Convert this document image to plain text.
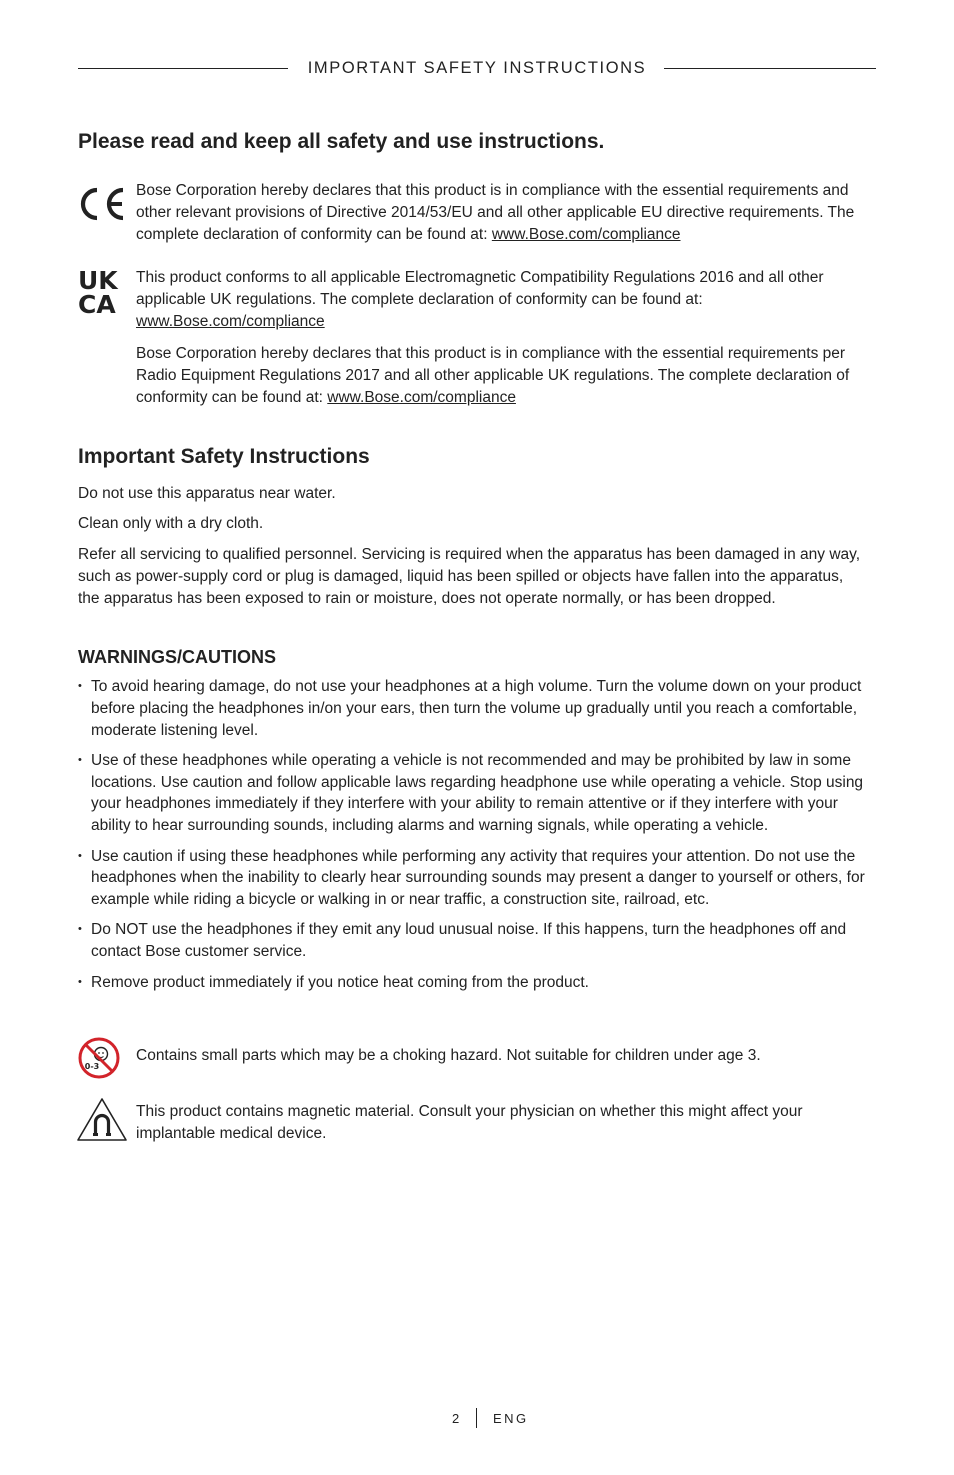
IMPORTANT SAFETY INSTRUCTIONS
Please read and keep all safety and use instructions.

Bose Corporation hereby declares that this product is in compliance with the essential requirements and other relevant provisions of Directive 2014/53/EU and all other applicable EU directive requirements. The complete declaration of conformity can be found at: www.Bose.com/compliance

UK
CA

This product conforms to all applicable Electromagnetic Compatibility Regulations 2016 and all other applicable UK regulations. The complete declaration of conformity can be found at: www.Bose.com/compliance

Bose Corporation hereby declares that this product is in compliance with the essential requirements per Radio Equipment Regulations 2017 and all other applicable UK regulations. The complete declaration of conformity can be found at: www.Bose.com/compliance

Important Safety Instructions

Do not use this apparatus near water.

Clean only with a dry cloth.

Refer all servicing to qualified personnel. Servicing is required when the apparatus has been damaged in any way, such as power-supply cord or plug is damaged, liquid has been spilled or objects have fallen into the apparatus, the apparatus has been exposed to rain or moisture, does not operate normally, or has been dropped.

WARNINGS/CAUTIONS
• To avoid hearing damage, do not use your headphones at a high volume. Turn the volume down on your product before placing the headphones in/on your ears, then turn the volume up gradually until you reach a comfortable, moderate listening level.
• Use of these headphones while operating a vehicle is not recommended and may be prohibited by law in some locations. Use caution and follow applicable laws regarding headphone use while operating a vehicle. Stop using your headphones immediately if they interfere with your ability to remain attentive or if they interfere with your ability to hear surrounding sounds, including alarms and warning signals, while operating a vehicle.
• Use caution if using these headphones while performing any activity that requires your attention. Do not use the headphones when the inability to clearly hear surrounding sounds may present a danger to yourself or others, for example while riding a bicycle or walking in or near traffic, a construction site, railroad, etc.
• Do NOT use the headphones if they emit any loud unusual noise. If this happens, turn the headphones off and contact Bose customer service.
• Remove product immediately if you notice heat coming from the product.
0-3

Contains small parts which may be a choking hazard. Not suitable for children under age 3.

This product contains magnetic material. Consult your physician on whether this might affect your implantable medical device.

2	ENG
